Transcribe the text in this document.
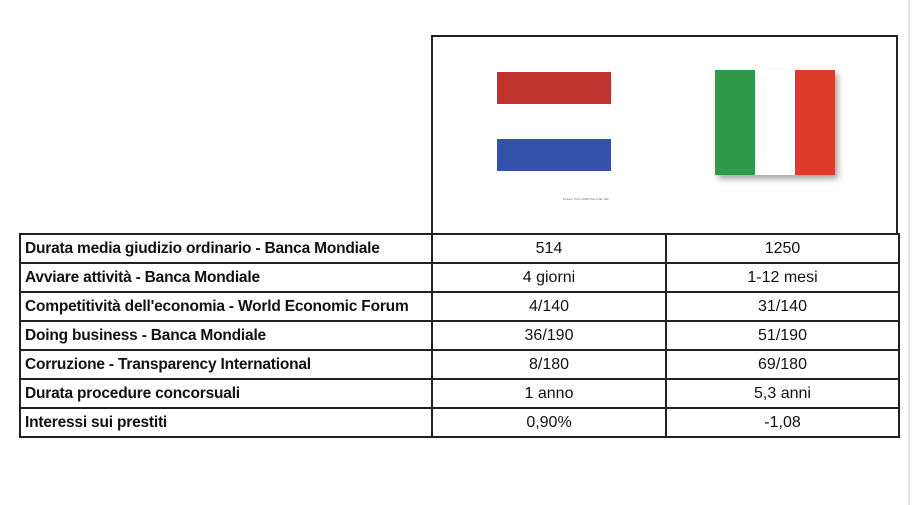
Drawn from OWH Decoder Set
Durata media giudizio ordinario - Banca Mondiale	514	1250
Avviare attività - Banca Mondiale	4 giorni	1-12 mesi
Competitività dell'economia - World Economic Forum	4/140	31/140
Doing business - Banca Mondiale	36/190	51/190
Corruzione - Transparency International	8/180	69/180
Durata procedure concorsuali	1 anno	5,3 anni
Interessi sui prestiti	0,90%	-1,08
